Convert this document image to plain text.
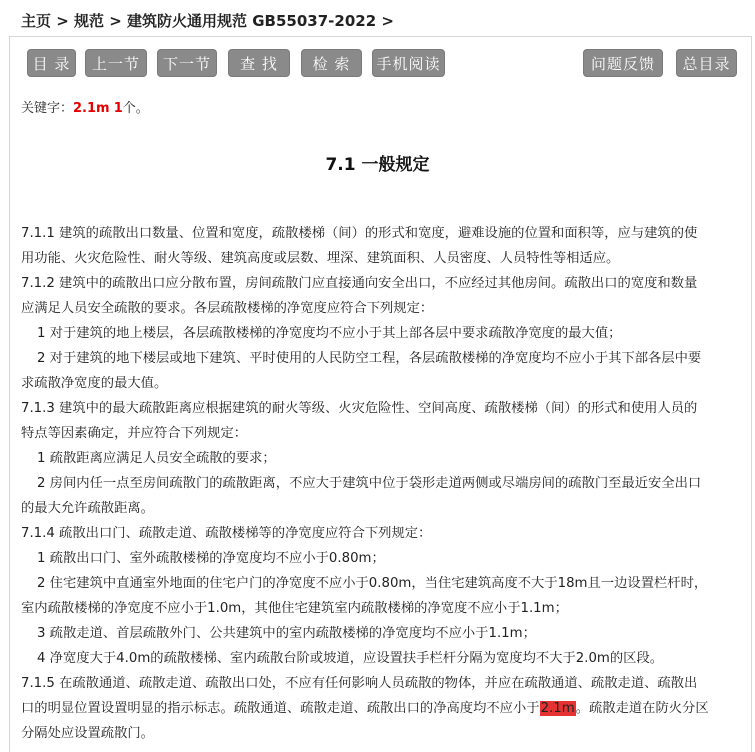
主页 > 规范 > 建筑防火通用规范 GB55037-2022 >
目 录	上一节	下一节	查 找	检 索	手机阅读	问题反馈	总目录
关键字：2.1m 1个。
7.1 一般规定
7.1.1 建筑的疏散出口数量、位置和宽度，疏散楼梯（间）的形式和宽度，避难设施的位置和面积等，应与建筑的使
用功能、火灾危险性、耐火等级、建筑高度或层数、埋深、建筑面积、人员密度、人员特性等相适应。
7.1.2 建筑中的疏散出口应分散布置，房间疏散门应直接通向安全出口，不应经过其他房间。疏散出口的宽度和数量
应满足人员安全疏散的要求。各层疏散楼梯的净宽度应符合下列规定：
1 对于建筑的地上楼层，各层疏散楼梯的净宽度均不应小于其上部各层中要求疏散净宽度的最大值；
2 对于建筑的地下楼层或地下建筑、平时使用的人民防空工程，各层疏散楼梯的净宽度均不应小于其下部各层中要
求疏散净宽度的最大值。
7.1.3 建筑中的最大疏散距离应根据建筑的耐火等级、火灾危险性、空间高度、疏散楼梯（间）的形式和使用人员的
特点等因素确定，并应符合下列规定：
1 疏散距离应满足人员安全疏散的要求；
2 房间内任一点至房间疏散门的疏散距离，不应大于建筑中位于袋形走道两侧或尽端房间的疏散门至最近安全出口
的最大允许疏散距离。
7.1.4 疏散出口门、疏散走道、疏散楼梯等的净宽度应符合下列规定：
1 疏散出口门、室外疏散楼梯的净宽度均不应小于0.80m；
2 住宅建筑中直通室外地面的住宅户门的净宽度不应小于0.80m，当住宅建筑高度不大于18m且一边设置栏杆时，
室内疏散楼梯的净宽度不应小于1.0m，其他住宅建筑室内疏散楼梯的净宽度不应小于1.1m；
3 疏散走道、首层疏散外门、公共建筑中的室内疏散楼梯的净宽度均不应小于1.1m；
4 净宽度大于4.0m的疏散楼梯、室内疏散台阶或坡道，应设置扶手栏杆分隔为宽度均不大于2.0m的区段。
7.1.5 在疏散通道、疏散走道、疏散出口处，不应有任何影响人员疏散的物体，并应在疏散通道、疏散走道、疏散出
口的明显位置设置明显的指示标志。疏散通道、疏散走道、疏散出口的净高度均不应小于2.1m。疏散走道在防火分区
分隔处应设置疏散门。
